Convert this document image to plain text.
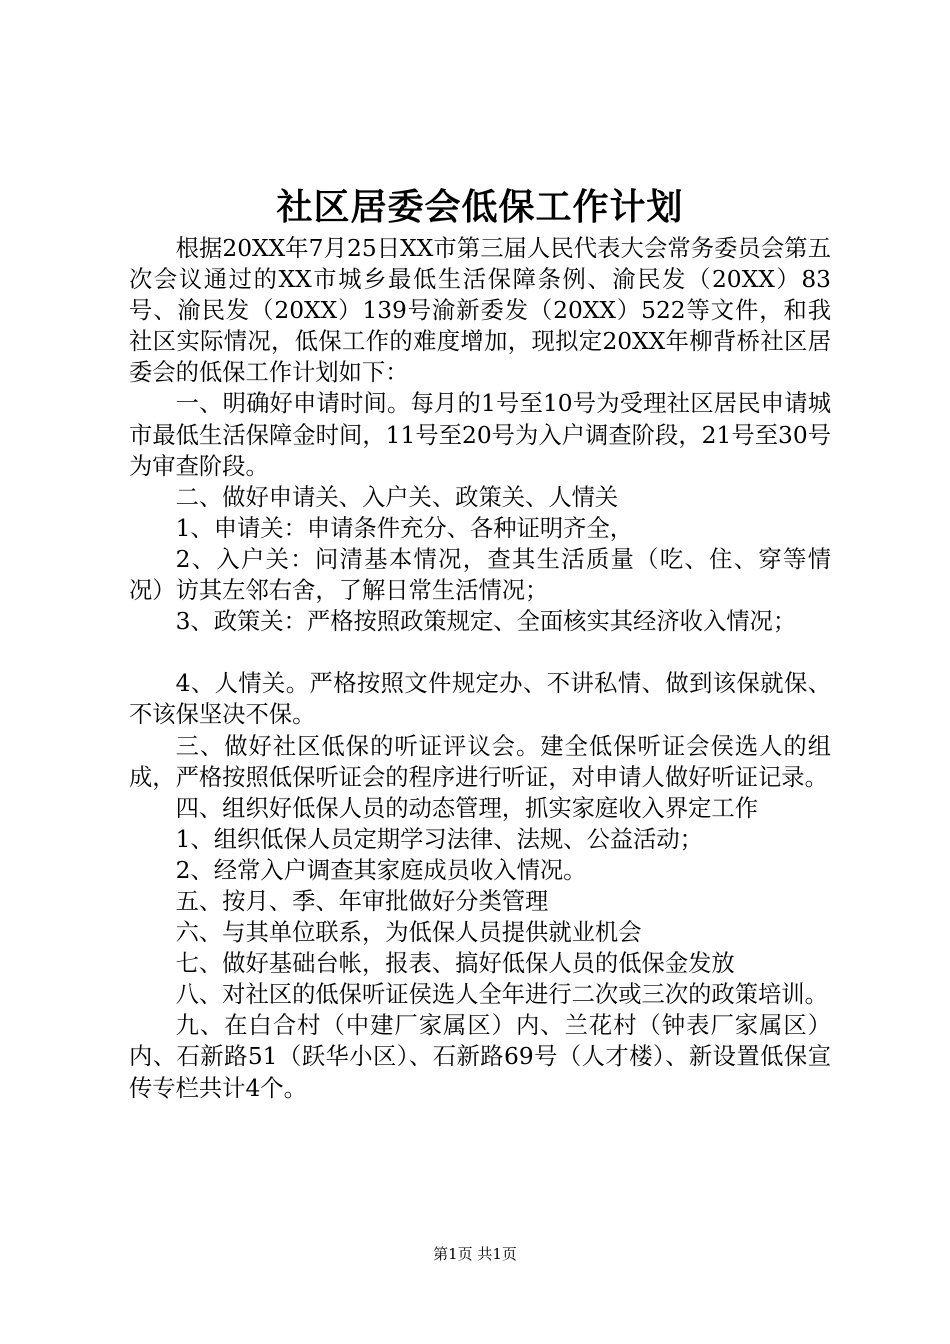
社区居委会低保工作计划

根据20XX年7月25日XX市第三届人民代表大会常务委员会第五次会议通过的XX市城乡最低生活保障条例、渝民发（20XX）83号、渝民发（20XX）139号渝新委发（20XX）522等文件，和我社区实际情况，低保工作的难度增加，现拟定20XX年柳背桥社区居委会的低保工作计划如下：

一、明确好申请时间。每月的1号至10号为受理社区居民申请城市最低生活保障金时间，11号至20号为入户调查阶段，21号至30号为审查阶段。

二、做好申请关、入户关、政策关、人情关

1、申请关：申请条件充分、各种证明齐全，

2、入户关：问清基本情况，查其生活质量（吃、住、穿等情况）访其左邻右舍，了解日常生活情况；

3、政策关：严格按照政策规定、全面核实其经济收入情况；

4、人情关。严格按照文件规定办、不讲私情、做到该保就保、不该保坚决不保。

三、做好社区低保的听证评议会。建全低保听证会侯选人的组成，严格按照低保听证会的程序进行听证，对申请人做好听证记录。

四、组织好低保人员的动态管理，抓实家庭收入界定工作

1、组织低保人员定期学习法律、法规、公益活动；

2、经常入户调查其家庭成员收入情况。

五、按月、季、年审批做好分类管理

六、与其单位联系，为低保人员提供就业机会

七、做好基础台帐，报表、搞好低保人员的低保金发放

八、对社区的低保听证侯选人全年进行二次或三次的政策培训。

九、在白合村（中建厂家属区）内、兰花村（钟表厂家属区）内、石新路51（跃华小区）、石新路69号（人才楼）、新设置低保宣传专栏共计4个。

第1页 共1页
